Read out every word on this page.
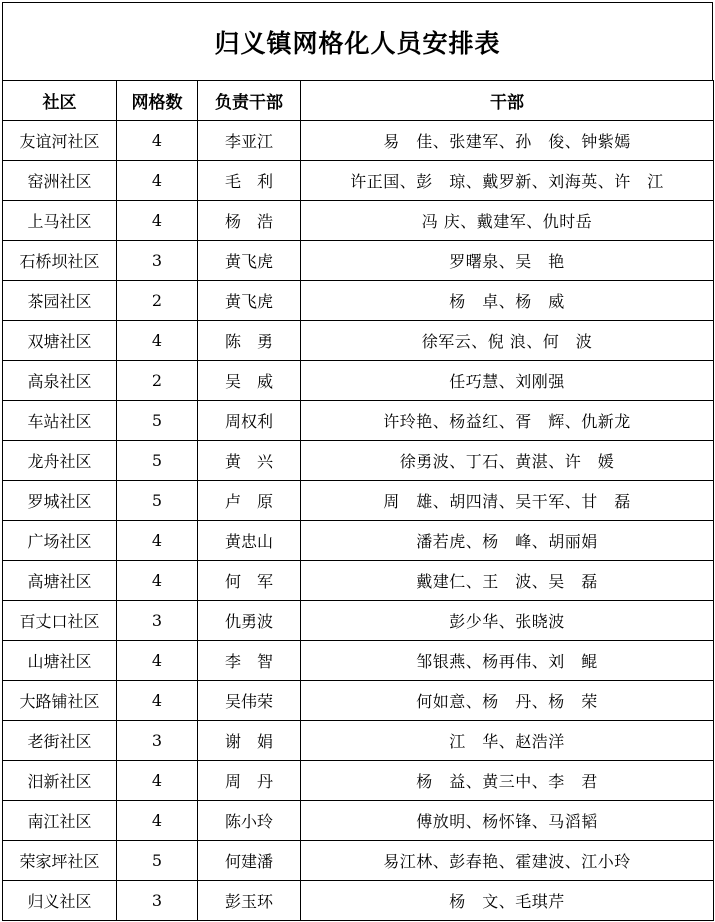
归义镇网格化人员安排表
社区	网格数	负责干部	干部
友谊河社区	4	李亚江	易　佳、张建军、孙　俊、钟紫嫣
窑洲社区	4	毛　利	许正国、彭　琼、戴罗新、刘海英、许　江
上马社区	4	杨　浩	冯 庆、戴建军、仇时岳
石桥坝社区	3	黄飞虎	罗曙泉、吴　艳
茶园社区	2	黄飞虎	杨　卓、杨　威
双塘社区	4	陈　勇	徐军云、倪 浪、何　波
高泉社区	2	吴　威	任巧慧、刘刚强
车站社区	5	周权利	许玲艳、杨益红、胥　辉、仇新龙
龙舟社区	5	黄　兴	徐勇波、丁石、黄湛、许　媛
罗城社区	5	卢　原	周　雄、胡四清、吴干军、甘　磊
广场社区	4	黄忠山	潘若虎、杨　峰、胡丽娟
高塘社区	4	何　军	戴建仁、王　波、吴　磊
百丈口社区	3	仇勇波	彭少华、张晓波
山塘社区	4	李　智	邹银燕、杨再伟、刘　鲲
大路铺社区	4	吴伟荣	何如意、杨　丹、杨　荣
老街社区	3	谢　娟	江　华、赵浩洋
汨新社区	4	周　丹	杨　益、黄三中、李　君
南江社区	4	陈小玲	傅放明、杨怀锋、马滔韬
荣家坪社区	5	何建潘	易江林、彭春艳、霍建波、江小玲
归义社区	3	彭玉环	杨　文、毛琪芹
